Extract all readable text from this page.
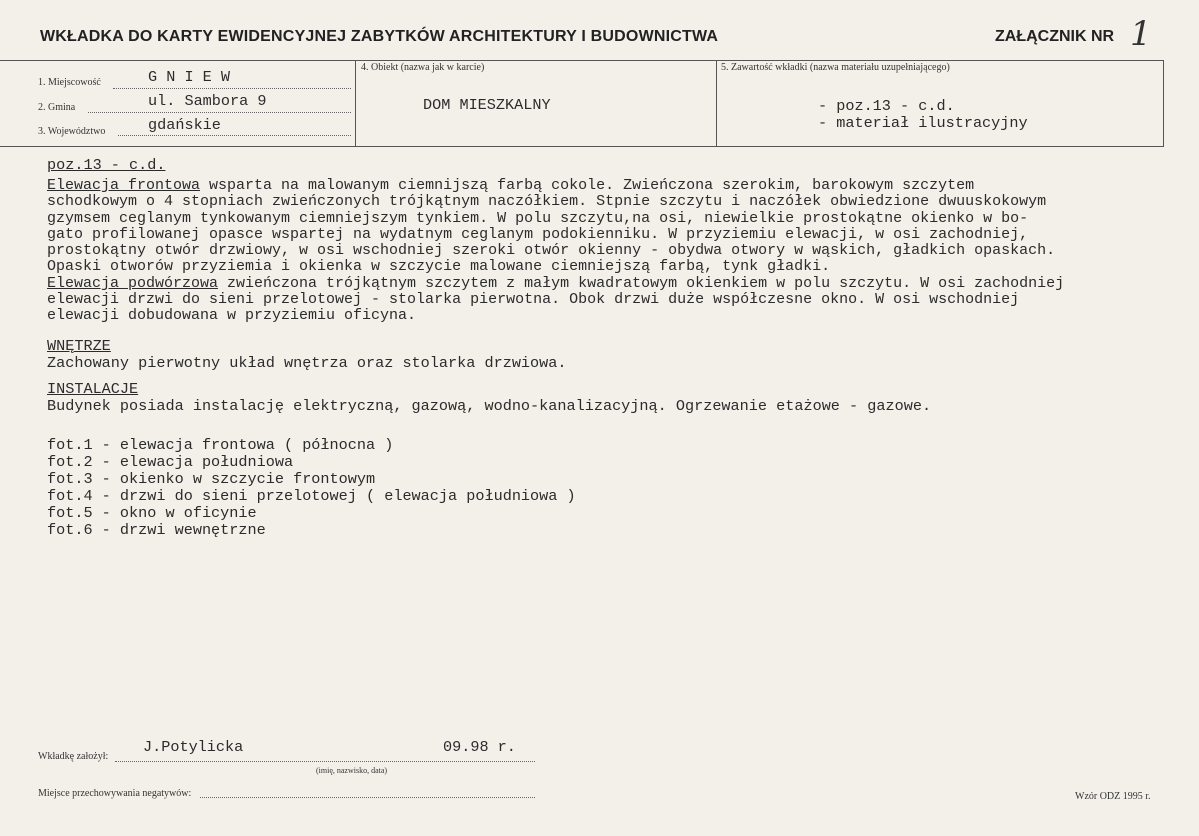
WKŁADKA DO KARTY EWIDENCYJNEJ ZABYTKÓW ARCHITEKTURY I BUDOWNICTWA	ZAŁĄCZNIK NR 1
1. Miejscowość	G N I E W
2. Gmina	ul. Sambora 9
3. Województwo	gdańskie
4. Obiekt (nazwa jak w karcie)
DOM MIESZKALNY
5. Zawartość wkładki (nazwa materiału uzupełniającego)
- poz.13 - c.d.
- materiał ilustracyjny
poz.13 - c.d.
Elewacja frontowa wsparta na malowanym ciemnijszą farbą cokole. Zwieńczona szerokim, barokowym szczytem
schodkowym o 4 stopniach zwieńczonych trójkątnym naczółkiem. Stpnie szczytu i naczółek obwiedzione dwuuskokowym
gzymsem ceglanym tynkowanym ciemniejszym tynkiem. W polu szczytu,na osi, niewielkie prostokątne okienko w bo-
gato profilowanej opasce wspartej na wydatnym ceglanym podokienniku. W przyziemiu elewacji, w osi zachodniej,
prostokątny otwór drzwiowy, w osi wschodniej szeroki otwór okienny - obydwa otwory w wąskich, gładkich opaskach.
Opaski otworów przyziemia i okienka w szczycie malowane ciemniejszą farbą, tynk gładki.
Elewacja podwórzowa zwieńczona trójkątnym szczytem z małym kwadratowym okienkiem w polu szczytu. W osi zachodniej
elewacji drzwi do sieni przelotowej - stolarka pierwotna. Obok drzwi duże współczesne okno. W osi wschodniej
elewacji dobudowana w przyziemiu oficyna.
WNĘTRZE
Zachowany pierwotny układ wnętrza oraz stolarka drzwiowa.
INSTALACJE
Budynek posiada instalację elektryczną, gazową, wodno-kanalizacyjną. Ogrzewanie etażowe - gazowe.
fot.1 - elewacja frontowa ( północna )
fot.2 - elewacja południowa
fot.3 - okienko w szczycie frontowym
fot.4 - drzwi do sieni przelotowej ( elewacja południowa )
fot.5 - okno w oficynie
fot.6 - drzwi wewnętrzne
Wkładkę założył:
J.Potylicka	09.98 r.
(imię, nazwisko, data)
Miejsce przechowywania negatywów:	Wzór ODZ 1995 r.
